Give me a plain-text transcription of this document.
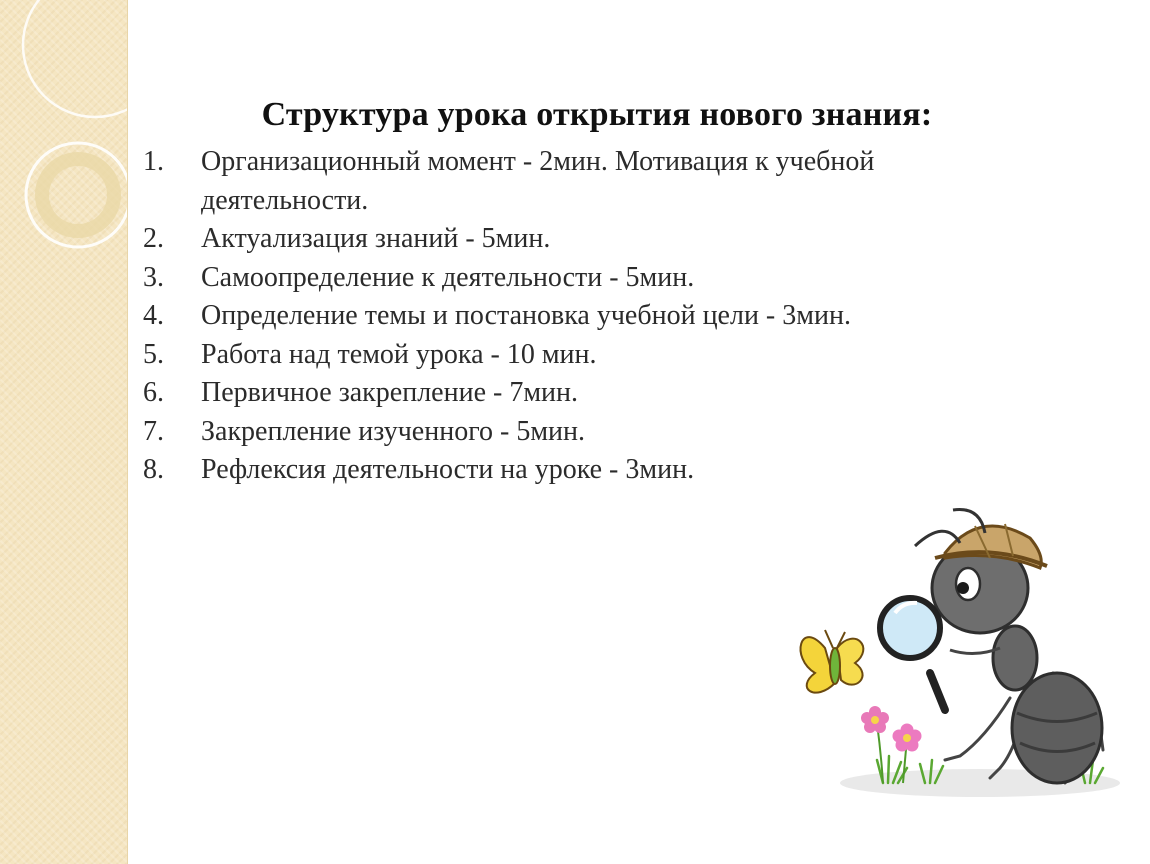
Структура урока открытия нового знания:
1. Организационный момент - 2мин. Мотивация к учебной деятельности.
2. Актуализация знаний - 5мин.
3. Самоопределение к деятельности - 5мин.
4. Определение темы и постановка учебной цели - 3мин.
5. Работа над темой урока - 10 мин.
6. Первичное закрепление - 7мин.
7. Закрепление изученного - 5мин.
8. Рефлексия деятельности на уроке - 3мин.
